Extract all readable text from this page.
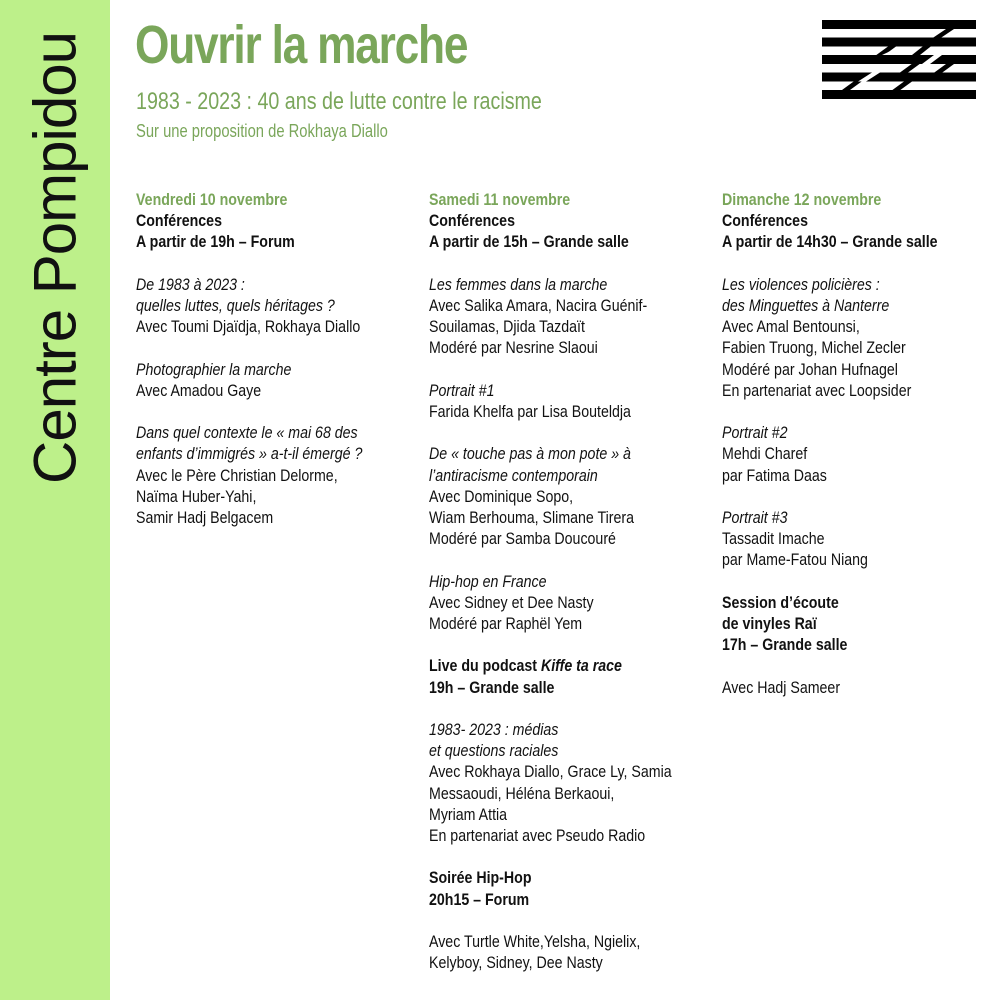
Centre Pompidou Ouvrir la marche
1983 - 2023 : 40 ans de lutte contre le racisme
Sur une proposition de Rokhaya Diallo
Vendredi 10 novembre
Conférences
A partir de 19h – Forum
De 1983 à 2023 :
quelles luttes, quels héritages ?
Avec Toumi Djaïdja, Rokhaya Diallo
Photographier la marche
Avec Amadou Gaye
Dans quel contexte le « mai 68 des
enfants d’immigrés » a-t-il émergé ?
Avec le Père Christian Delorme,
Naïma Huber-Yahi,
Samir Hadj Belgacem
Samedi 11 novembre
Conférences
A partir de 15h – Grande salle
Les femmes dans la marche
Avec Salika Amara, Nacira Guénif-
Souilamas, Djida Tazdaït
Modéré par Nesrine Slaoui
Portrait #1
Farida Khelfa par Lisa Bouteldja
De « touche pas à mon pote » à
l’antiracisme contemporain
Avec Dominique Sopo,
Wiam Berhouma, Slimane Tirera
Modéré par Samba Doucouré
Hip-hop en France
Avec Sidney et Dee Nasty
Modéré par Raphël Yem
Live du podcast Kiffe ta race
19h – Grande salle
1983- 2023 : médias
et questions raciales
Avec Rokhaya Diallo, Grace Ly, Samia
Messaoudi, Héléna Berkaoui,
Myriam Attia
En partenariat avec Pseudo Radio
Soirée Hip-Hop
20h15 – Forum
Avec Turtle White,Yelsha, Ngielix,
Kelyboy, Sidney, Dee Nasty
Dimanche 12 novembre
Conférences
A partir de 14h30 – Grande salle
Les violences policières :
des Minguettes à Nanterre
Avec Amal Bentounsi,
Fabien Truong, Michel Zecler
Modéré par Johan Hufnagel
En partenariat avec Loopsider
Portrait #2
Mehdi Charef
par Fatima Daas
Portrait #3
Tassadit Imache
par Mame-Fatou Niang
Session d’écoute
de vinyles Raï
17h – Grande salle
Avec Hadj Sameer
